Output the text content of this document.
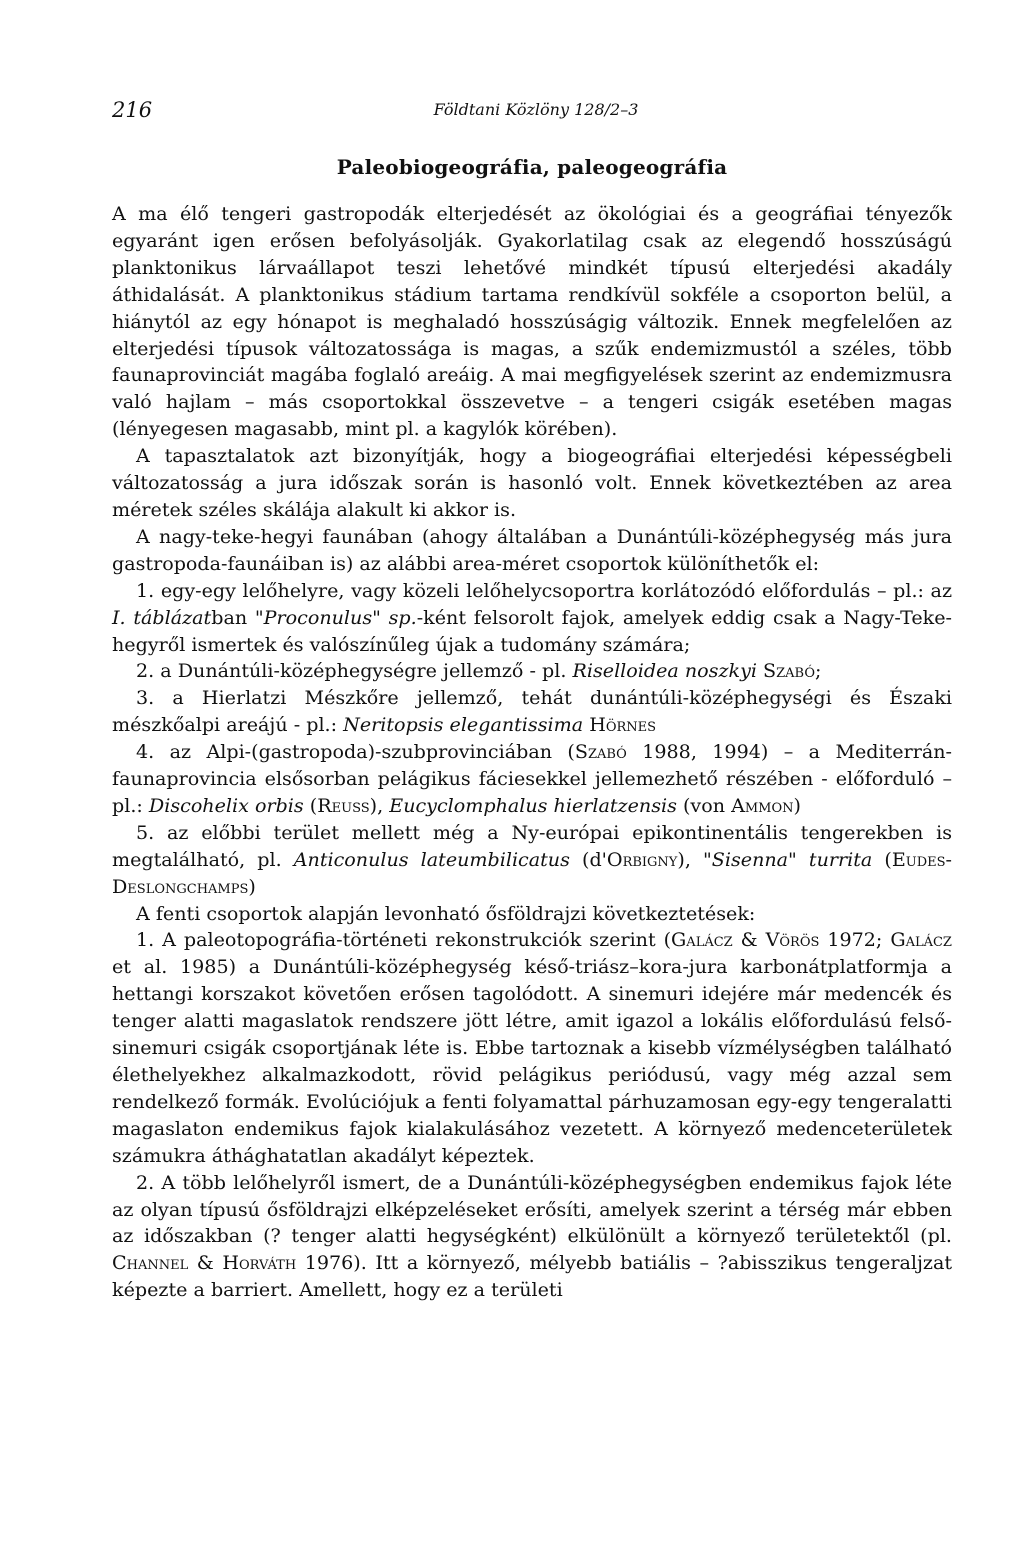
216	Földtani Közlöny 128/2–3
Paleobiogeográfia, paleogeográfia

A ma élő tengeri gastropodák elterjedését az ökológiai és a geográfiai tényezők egyaránt igen erősen befolyásolják. Gyakorlatilag csak az elegendő hosszúságú planktonikus lárvaállapot teszi lehetővé mindkét típusú elterjedési akadály áthidalását. A planktonikus stádium tartama rendkívül sokféle a csoporton belül, a hiánytól az egy hónapot is meghaladó hosszúságig változik. Ennek megfelelően az elterjedési típusok változatossága is magas, a szűk endemizmustól a széles, több faunaprovinciát magába foglaló areáig. A mai megfigyelések szerint az endemizmusra való hajlam – más csoportokkal összevetve – a tengeri csigák esetében magas (lényegesen magasabb, mint pl. a kagylók körében).

A tapasztalatok azt bizonyítják, hogy a biogeográfiai elterjedési képességbeli változatosság a jura időszak során is hasonló volt. Ennek következtében az area méretek széles skálája alakult ki akkor is.

A nagy-teke-hegyi faunában (ahogy általában a Dunántúli-középhegység más jura gastropoda-faunáiban is) az alábbi area-méret csoportok különíthetők el:

1. egy-egy lelőhelyre, vagy közeli lelőhelycsoportra korlátozódó előfordulás – pl.: az I. táblázatban "Proconulus" sp.-ként felsorolt fajok, amelyek eddig csak a Nagy-Teke-hegyről ismertek és valószínűleg újak a tudomány számára;

2. a Dunántúli-középhegységre jellemző - pl. Riselloidea noszkyi Szabó;

3. a Hierlatzi Mészkőre jellemző, tehát dunántúli-középhegységi és Északi mészkőalpi areájú - pl.: Neritopsis elegantissima Hörnes

4. az Alpi-(gastropoda)-szubprovinciában (Szabó 1988, 1994) – a Mediterrán-faunaprovincia elsősorban pelágikus fáciesekkel jellemezhető részében - előforduló – pl.: Discohelix orbis (Reuss), Eucyclomphalus hierlatzensis (von Ammon)

5. az előbbi terület mellett még a Ny-európai epikontinentális tengerekben is megtalálható, pl. Anticonulus lateumbilicatus (d'Orbigny), "Sisenna" turrita (Eudes-Deslongchamps)

A fenti csoportok alapján levonható ősföldrajzi következtetések:

1. A paleotopográfia-történeti rekonstrukciók szerint (Galácz & Vörös 1972; Galácz et al. 1985) a Dunántúli-középhegység késő-triász–kora-jura karbonátplatformja a hettangi korszakot követően erősen tagolódott. A sinemuri idejére már medencék és tenger alatti magaslatok rendszere jött létre, amit igazol a lokális előfordulású felső-sinemuri csigák csoportjának léte is. Ebbe tartoznak a kisebb vízmélységben található élethelyekhez alkalmazkodott, rövid pelágikus periódusú, vagy még azzal sem rendelkező formák. Evolúciójuk a fenti folyamattal párhuzamosan egy-egy tengeralatti magaslaton endemikus fajok kialakulásához vezetett. A környező medenceterületek számukra áthághatatlan akadályt képeztek.

2. A több lelőhelyről ismert, de a Dunántúli-középhegységben endemikus fajok léte az olyan típusú ősföldrajzi elképzeléseket erősíti, amelyek szerint a térség már ebben az időszakban (? tenger alatti hegységként) elkülönült a környező területektől (pl. Channel & Horváth 1976). Itt a környező, mélyebb batiális – ?abisszikus tengeraljzat képezte a barriert. Amellett, hogy ez a területi
